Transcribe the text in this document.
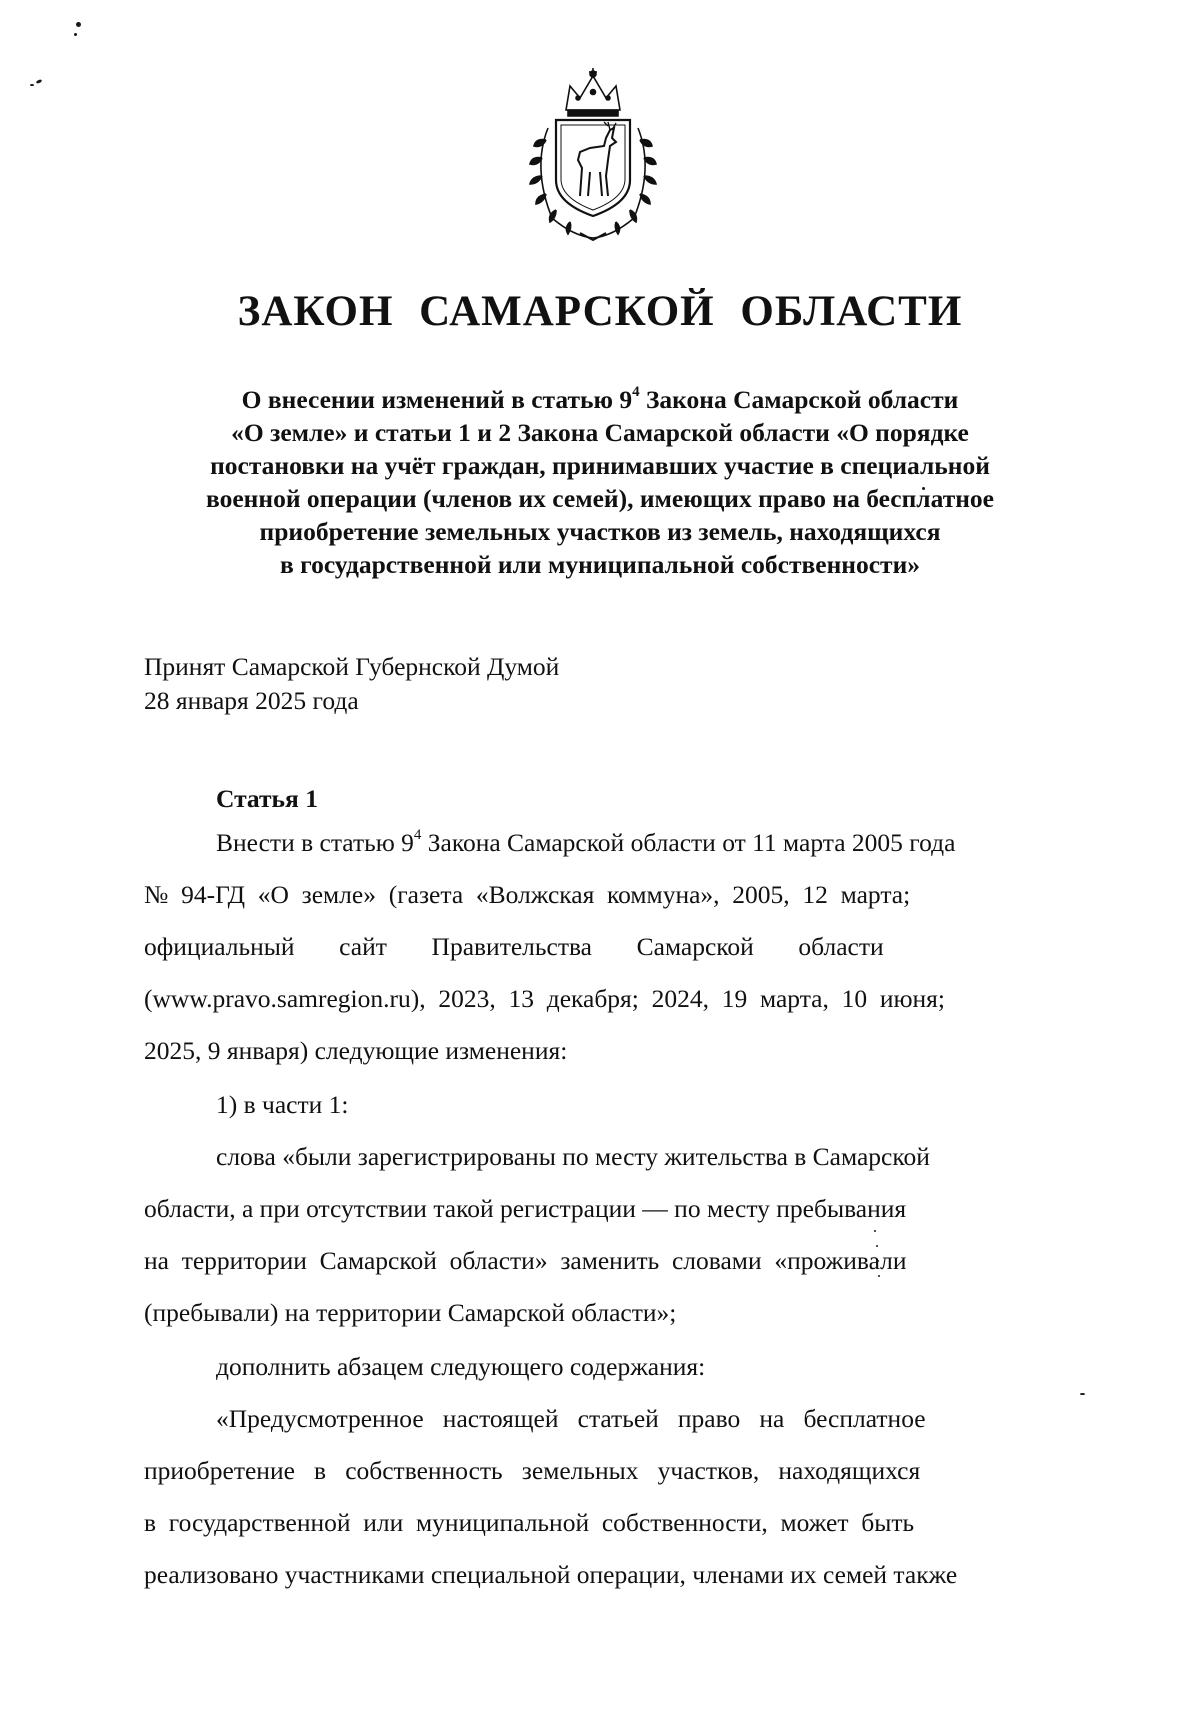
ЗАКОН САМАРСКОЙ ОБЛАСТИ
О внесении изменений в статью $9^4$ Закона Самарской области
«О земле» и статьи 1 и 2 Закона Самарской области «О порядке
постановки на учёт граждан, принимавших участие в специальной
военной операции (членов их семей), имеющих право на бесплатное
приобретение земельных участков из земель, находящихся
в государственной или муниципальной собственности»
Принят Самарской Губернской Думой
28 января 2025 года
Статья 1
Внести в статью $9^4$ Закона Самарской области от 11 марта 2005 года
№  94-ГД  «О  земле»  (газета  «Волжская  коммуна»,  2005,  12  марта;
официальный       сайт       Правительства       Самарской       области
(www.pravo.samregion.ru),  2023,  13  декабря;  2024,  19  марта,  10  июня;
2025, 9 января) следующие изменения:
1) в части 1:
слова «были зарегистрированы по месту жительства в Самарской
области, а при отсутствии такой регистрации — по месту пребывания
на  территории  Самарской  области»  заменить  словами  «проживали
(пребывали) на территории Самарской области»;
дополнить абзацем следующего содержания:
«Предусмотренное   настоящей   статьей   право   на   бесплатное
приобретение   в   собственность   земельных   участков,   находящихся
в  государственной  или  муниципальной  собственности,  может  быть
реализовано участниками специальной операции, членами их семей также
